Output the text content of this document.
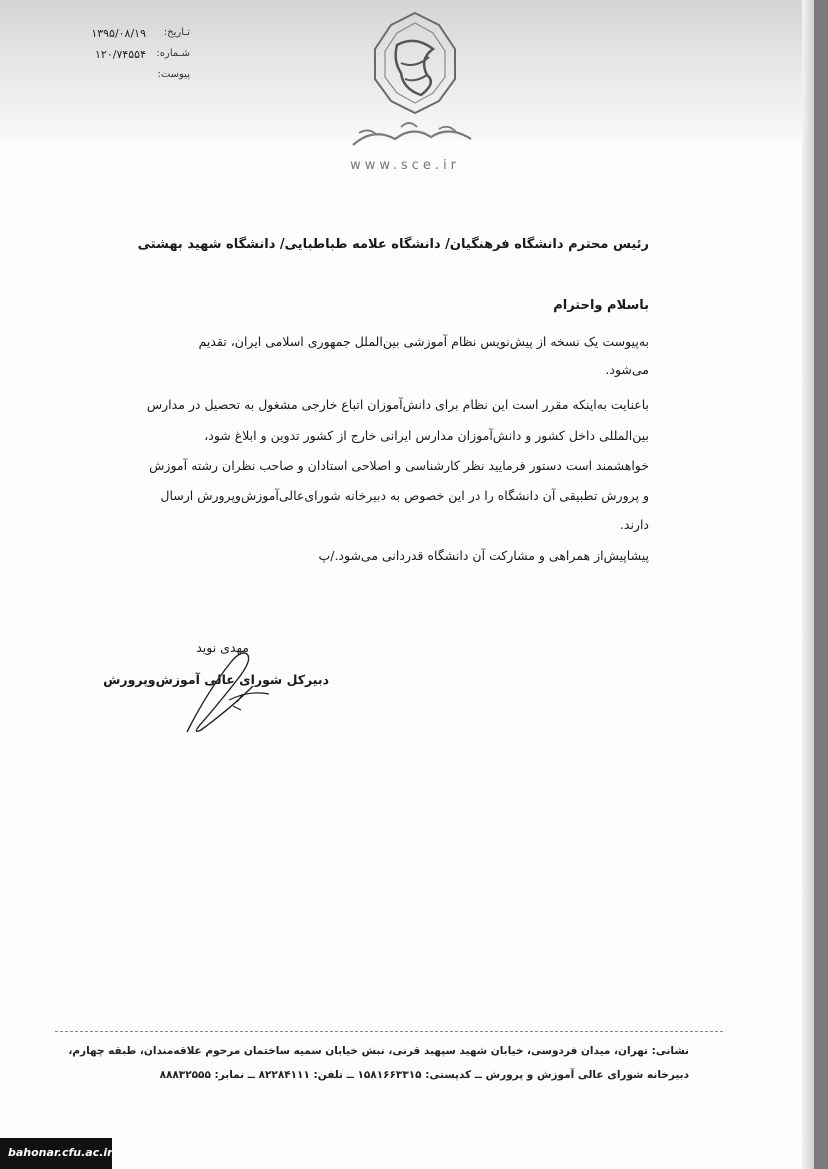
تـاریخ:
۱۳۹۵/۰۸/۱۹
شـماره:
۱۲۰/۷۴۵۵۴
پیوست:
شورای عالی آموزش و پرورش
www.sce.ir
رئیس محترم دانشگاه فرهنگیان/ دانشگاه علامه طباطبایی/ دانشگاه شهید بهشتی
باسلام واحترام
به‌پیوست یک نسخه از پیش‌نویس نظام آموزشی بین‌الملل جمهوری اسلامی ایران، تقدیم
می‌شود.
باعنایت به‌اینکه مقرر است این نظام برای دانش‌آموزان اتباع خارجی مشغول به تحصیل در مدارس
بین‌المللی داخل کشور و دانش‌آموزان مدارس ایرانی خارج از کشور تدوین و ابلاغ شود،
خواهشمند است دستور فرمایید نظر کارشناسی و اصلاحی استادان و صاحب نظران رشته آموزش
و پرورش تطبیقی آن دانشگاه را در این خصوص به دبیرخانه شورای‌عالی‌آموزش‌وپرورش ارسال
دارند.
پیشاپیش‌از همراهی و مشارکت آن دانشگاه قدردانی می‌شود./پ
مهدی نوید
دبیرکل شورای عالی آموزش‌وپرورش
نشانی: تهران، میدان فردوسی، خیابان شهید سپهبد قرنی، نبش خیابان سمیه ساختمان مرحوم علاقه‌مندان، طبقه چهارم،
دبیرخانه شورای عالی آموزش و پرورش ــ کدپستی: ۱۵۸۱۶۶۳۳۱۵ ــ تلفن: ۸۲۲۸۴۱۱۱ ــ نمابر: ۸۸۸۳۲۵۵۵
bahonar.cfu.ac.ir
